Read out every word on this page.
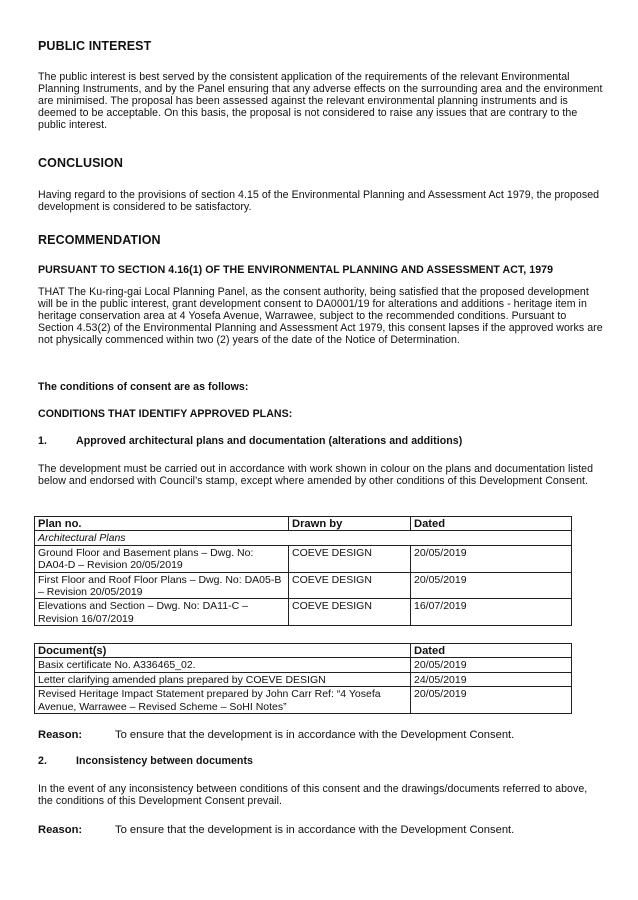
PUBLIC INTEREST

The public interest is best served by the consistent application of the requirements of the relevant Environmental Planning Instruments, and by the Panel ensuring that any adverse effects on the surrounding area and the environment are minimised. The proposal has been assessed against the relevant environmental planning instruments and is deemed to be acceptable. On this basis, the proposal is not considered to raise any issues that are contrary to the public interest.

CONCLUSION

Having regard to the provisions of section 4.15 of the Environmental Planning and Assessment Act 1979, the proposed development is considered to be satisfactory.

RECOMMENDATION

PURSUANT TO SECTION 4.16(1) OF THE ENVIRONMENTAL PLANNING AND ASSESSMENT ACT, 1979

THAT The Ku-ring-gai Local Planning Panel, as the consent authority, being satisfied that the proposed development will be in the public interest, grant development consent to DA0001/19 for alterations and additions - heritage item in heritage conservation area at 4 Yosefa Avenue, Warrawee, subject to the recommended conditions. Pursuant to Section 4.53(2) of the Environmental Planning and Assessment Act 1979, this consent lapses if the approved works are not physically commenced within two (2) years of the date of the Notice of Determination.

The conditions of consent are as follows:

CONDITIONS THAT IDENTIFY APPROVED PLANS:

1.	Approved architectural plans and documentation (alterations and additions)

The development must be carried out in accordance with work shown in colour on the plans and documentation listed below and endorsed with Council’s stamp, except where amended by other conditions of this Development Consent.

Plan no.	Drawn by	Dated
Architectural Plans		
Ground Floor and Basement plans – Dwg. No: DA04-D – Revision 20/05/2019	COEVE DESIGN	20/05/2019
First Floor and Roof Floor Plans – Dwg. No: DA05-B – Revision 20/05/2019	COEVE DESIGN	20/05/2019
Elevations and Section – Dwg. No: DA11-C – Revision 16/07/2019	COEVE DESIGN	16/07/2019
Document(s)	Dated
Basix certificate No. A336465_02.	20/05/2019
Letter clarifying amended plans prepared by COEVE DESIGN	24/05/2019
Revised Heritage Impact Statement prepared by John Carr Ref: “4 Yosefa Avenue, Warrawee – Revised Scheme – SoHI Notes”	20/05/2019
Reason:	To ensure that the development is in accordance with the Development Consent.

2.	Inconsistency between documents

In the event of any inconsistency between conditions of this consent and the drawings/documents referred to above, the conditions of this Development Consent prevail.

Reason:	To ensure that the development is in accordance with the Development Consent.
